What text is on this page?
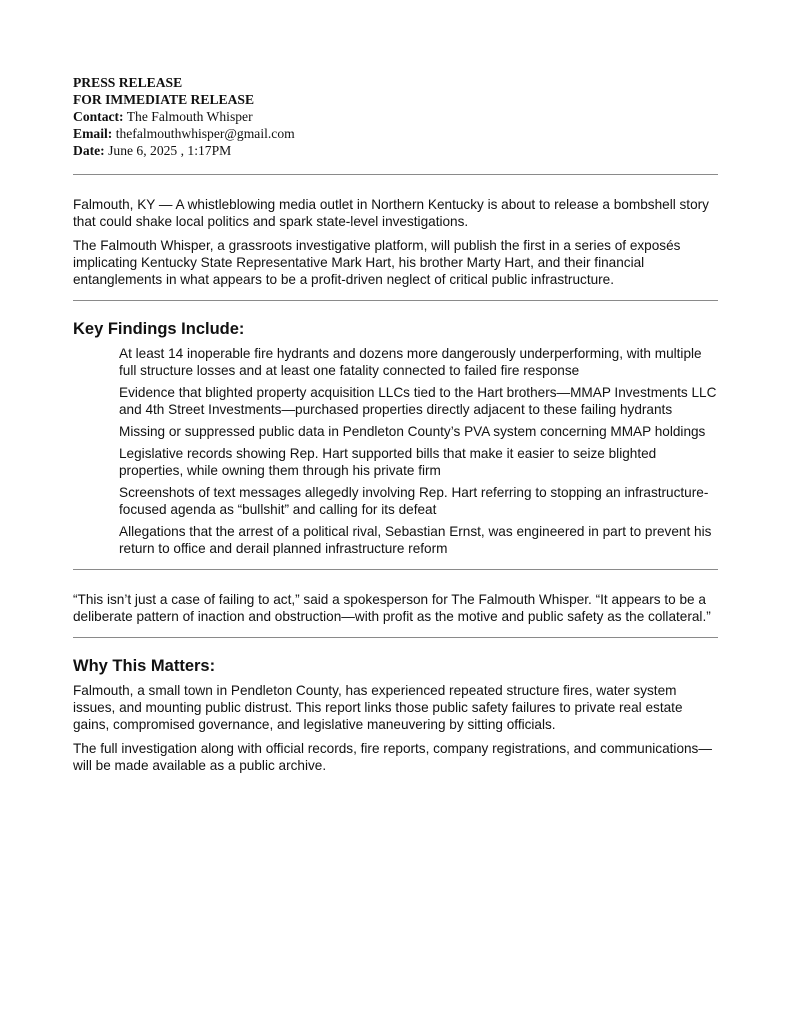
PRESS RELEASE
FOR IMMEDIATE RELEASE
Contact: The Falmouth Whisper
Email: thefalmouthwhisper@gmail.com
Date: June 6, 2025 , 1:17PM

Falmouth, KY — A whistleblowing media outlet in Northern Kentucky is about to release a bombshell story that could shake local politics and spark state-level investigations.

The Falmouth Whisper, a grassroots investigative platform, will publish the first in a series of exposés implicating Kentucky State Representative Mark Hart, his brother Marty Hart, and their financial entanglements in what appears to be a profit-driven neglect of critical public infrastructure.

Key Findings Include:
At least 14 inoperable fire hydrants and dozens more dangerously underperforming, with multiple full structure losses and at least one fatality connected to failed fire response
Evidence that blighted property acquisition LLCs tied to the Hart brothers—MMAP Investments LLC and 4th Street Investments—purchased properties directly adjacent to these failing hydrants
Missing or suppressed public data in Pendleton County’s PVA system concerning MMAP holdings
Legislative records showing Rep. Hart supported bills that make it easier to seize blighted properties, while owning them through his private firm
Screenshots of text messages allegedly involving Rep. Hart referring to stopping an infrastructure-focused agenda as “bullshit” and calling for its defeat
Allegations that the arrest of a political rival, Sebastian Ernst, was engineered in part to prevent his return to office and derail planned infrastructure reform

“This isn’t just a case of failing to act,” said a spokesperson for The Falmouth Whisper. “It appears to be a deliberate pattern of inaction and obstruction—with profit as the motive and public safety as the collateral.”

Why This Matters:

Falmouth, a small town in Pendleton County, has experienced repeated structure fires, water system issues, and mounting public distrust. This report links those public safety failures to private real estate gains, compromised governance, and legislative maneuvering by sitting officials.

The full investigation along with official records, fire reports, company registrations, and communications—will be made available as a public archive.
